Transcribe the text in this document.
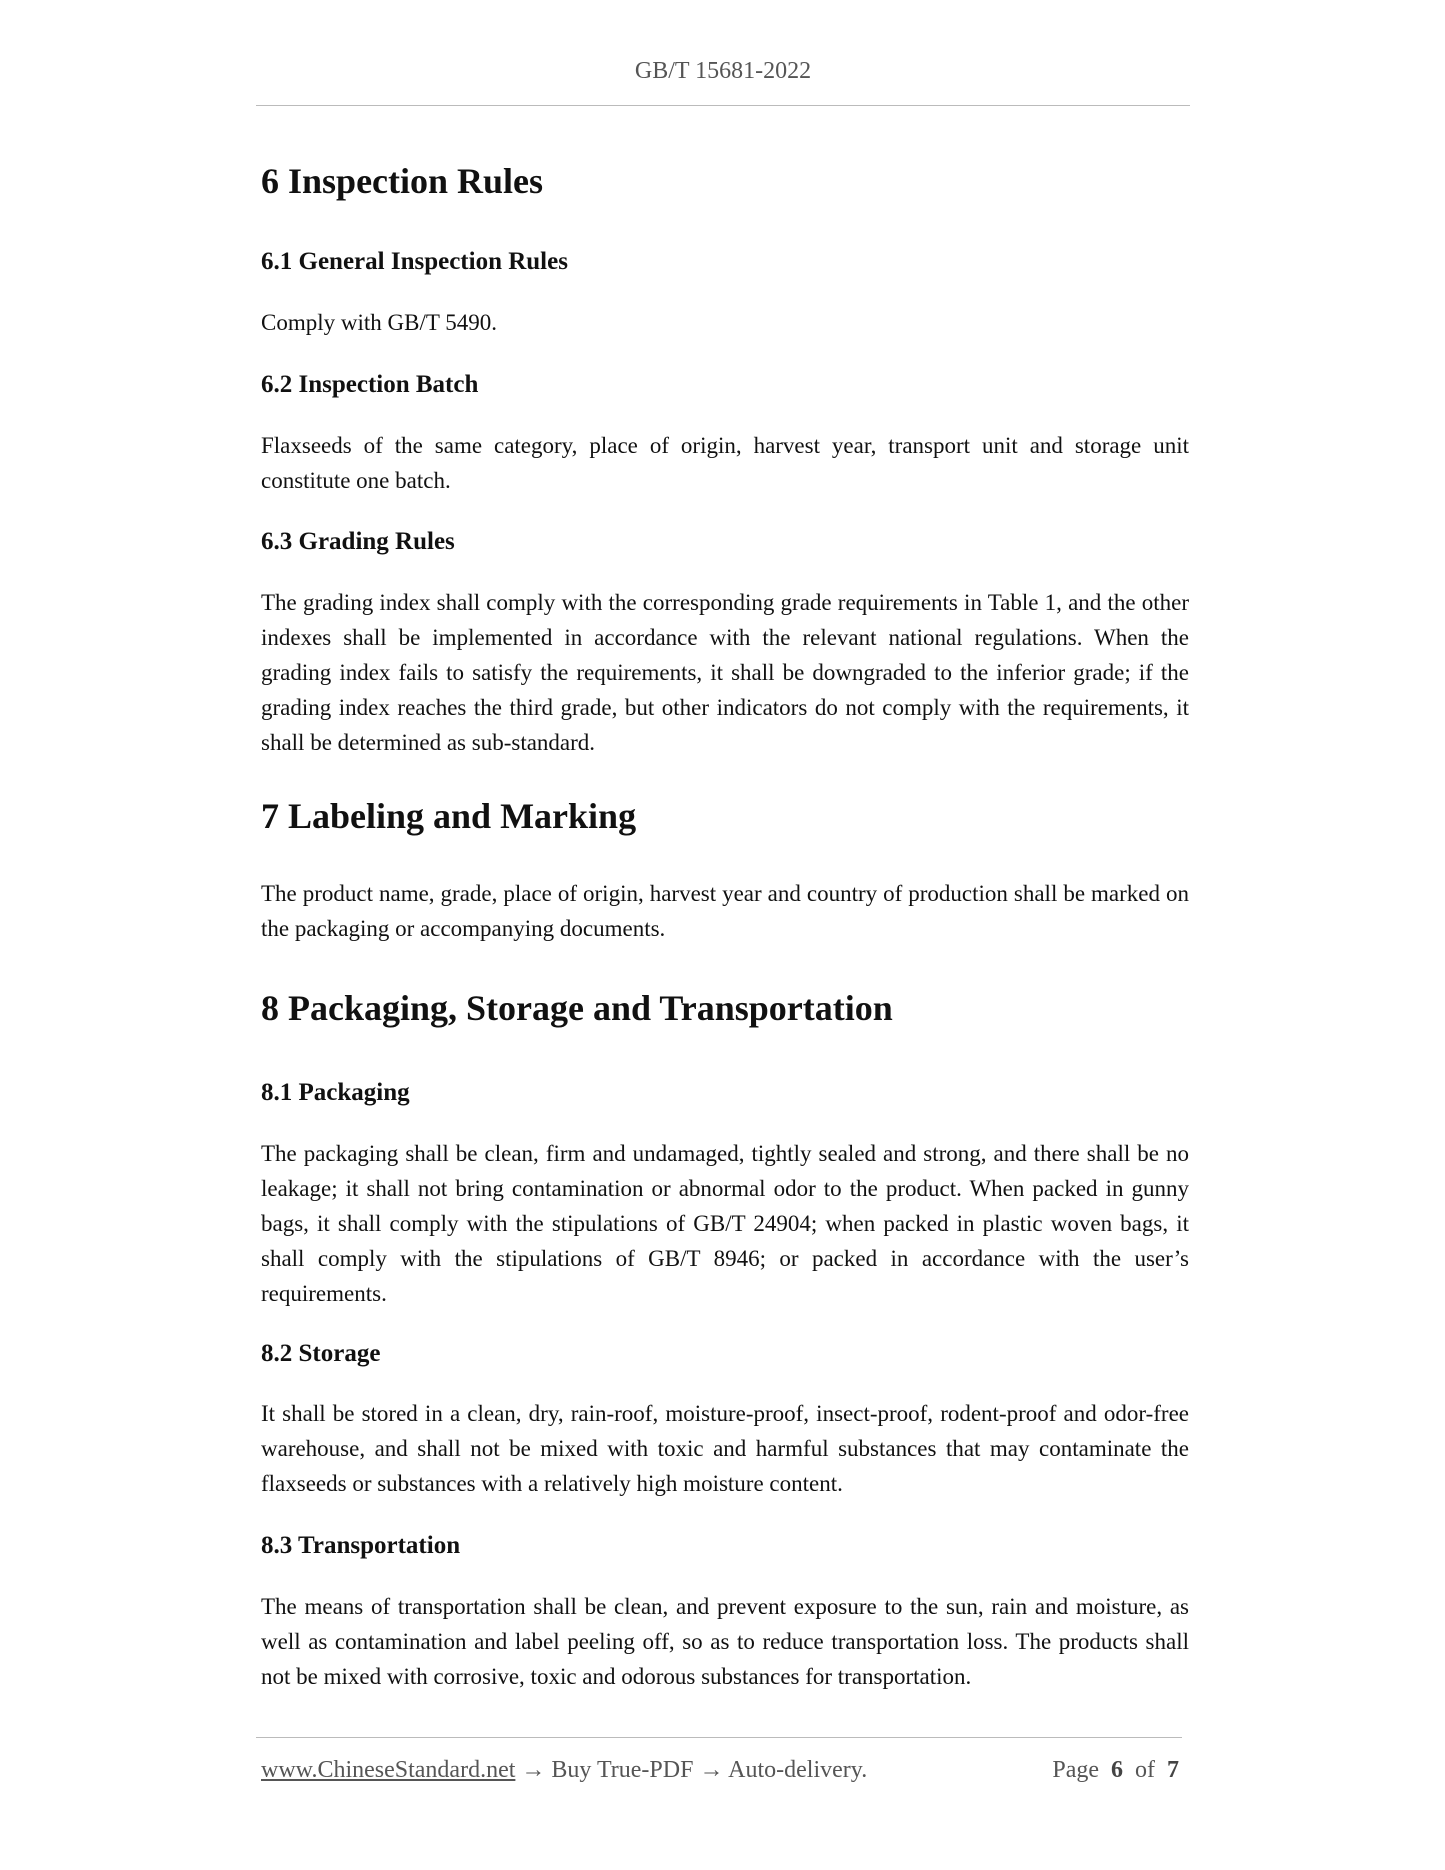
GB/T 15681-2022
6 Inspection Rules
6.1 General Inspection Rules

Comply with GB/T 5490.

6.2 Inspection Batch

Flaxseeds of the same category, place of origin, harvest year, transport unit and storage unit constitute one batch.

6.3 Grading Rules

The grading index shall comply with the corresponding grade requirements in Table 1, and the other indexes shall be implemented in accordance with the relevant national regulations. When the grading index fails to satisfy the requirements, it shall be downgraded to the inferior grade; if the grading index reaches the third grade, but other indicators do not comply with the requirements, it shall be determined as sub-standard.

7 Labeling and Marking

The product name, grade, place of origin, harvest year and country of production shall be marked on the packaging or accompanying documents.

8 Packaging, Storage and Transportation
8.1 Packaging

The packaging shall be clean, firm and undamaged, tightly sealed and strong, and there shall be no leakage; it shall not bring contamination or abnormal odor to the product. When packed in gunny bags, it shall comply with the stipulations of GB/T 24904; when packed in plastic woven bags, it shall comply with the stipulations of GB/T 8946; or packed in accordance with the user’s requirements.

8.2 Storage

It shall be stored in a clean, dry, rain-roof, moisture-proof, insect-proof, rodent-proof and odor-free warehouse, and shall not be mixed with toxic and harmful substances that may contaminate the flaxseeds or substances with a relatively high moisture content.

8.3 Transportation

The means of transportation shall be clean, and prevent exposure to the sun, rain and moisture, as well as contamination and label peeling off, so as to reduce transportation loss. The products shall not be mixed with corrosive, toxic and odorous substances for transportation.

www.ChineseStandard.net → Buy True-PDF → Auto-delivery.	Page 6 of 7
